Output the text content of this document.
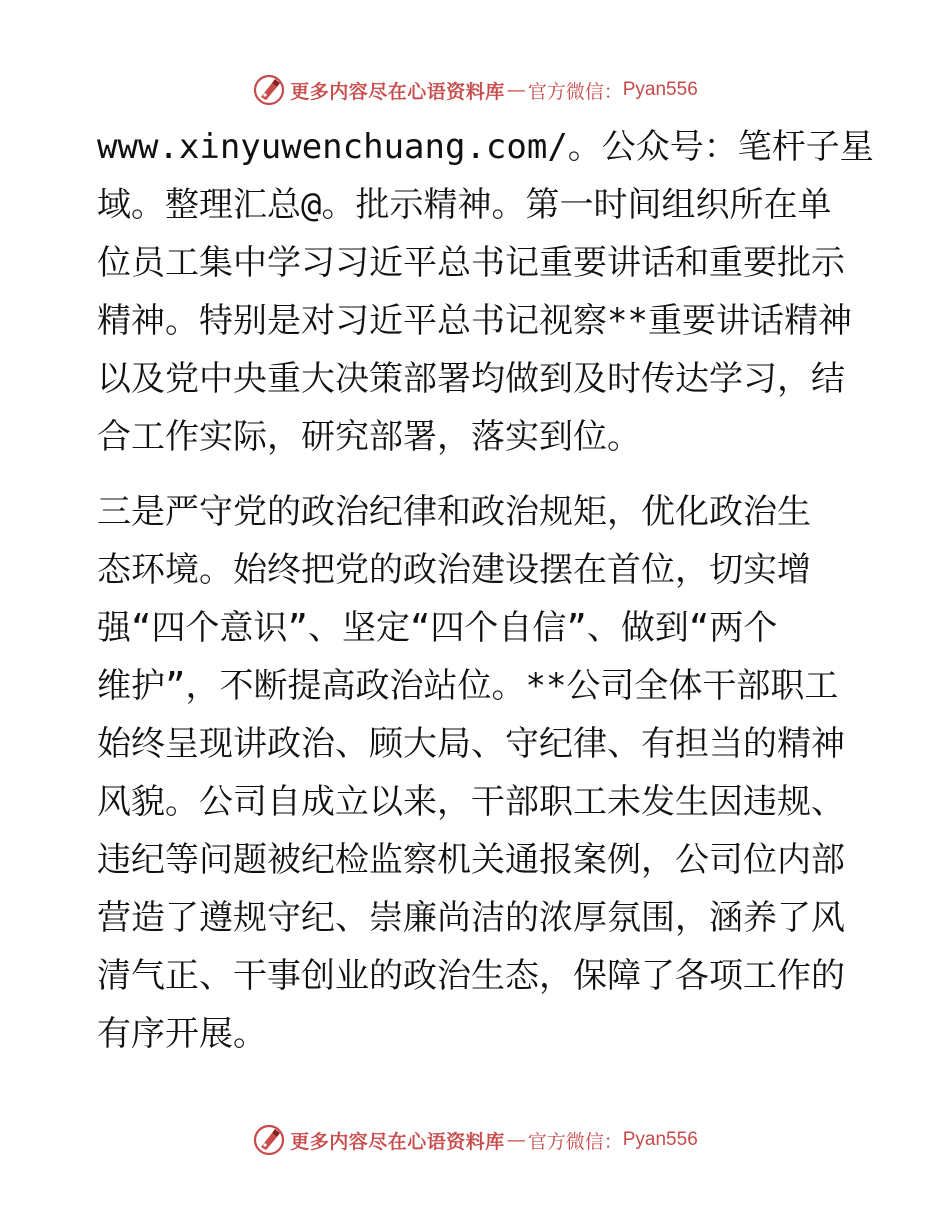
更多内容尽在心语资料库 — 官方微信： Pyan556
www.xinyuwenchuang.com/。公众号：笔杆子星
域。整理汇总@。批示精神。第一时间组织所在单
位员工集中学习习近平总书记重要讲话和重要批示
精神。特别是对习近平总书记视察**重要讲话精神
以及党中央重大决策部署均做到及时传达学习，结
合工作实际，研究部署，落实到位。
三是严守党的政治纪律和政治规矩，优化政治生
态环境。始终把党的政治建设摆在首位，切实增
强“四个意识”、坚定“四个自信”、做到“两个
维护”，不断提高政治站位。**公司全体干部职工
始终呈现讲政治、顾大局、守纪律、有担当的精神
风貌。公司自成立以来，干部职工未发生因违规、
违纪等问题被纪检监察机关通报案例，公司位内部
营造了遵规守纪、崇廉尚洁的浓厚氛围，涵养了风
清气正、干事创业的政治生态，保障了各项工作的
有序开展。
更多内容尽在心语资料库 — 官方微信： Pyan556
